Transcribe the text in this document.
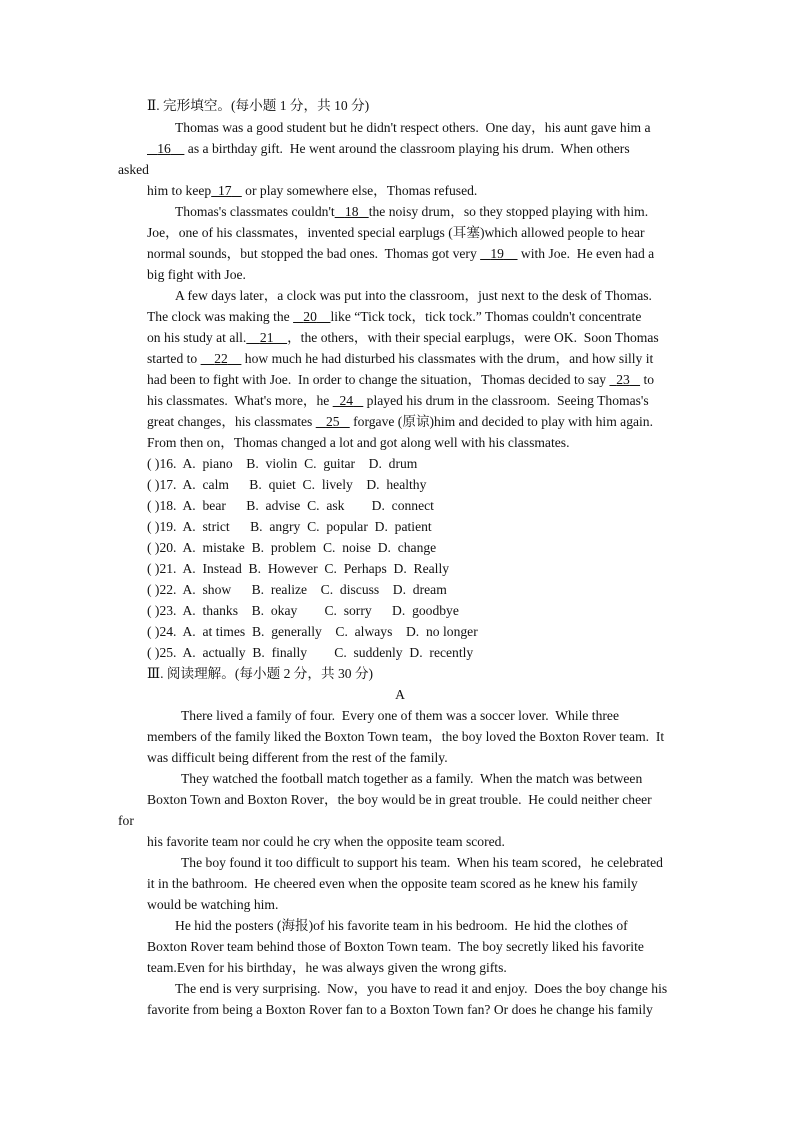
Ⅱ. 完形填空。(每小题 1 分，共 10 分)
Thomas was a good student but he didn't respect others.  One day，his aunt gave him a
16     as a birthday gift.  He went around the classroom playing his drum.  When others
asked
him to keep 17    or play somewhere else，Thomas refused.
Thomas's classmates couldn't 18 the noisy drum，so they stopped playing with him.
Joe，one of his classmates，invented special earplugs (耳塞)which allowed people to hear
normal sounds，but stopped the bad ones.  Thomas got very    19     with Joe.  He even had a
big fight with Joe.
A few days later，a clock was put into the classroom，just next to the desk of Thomas.
The clock was making the    20 like “Tick tock，tick tock.” Thomas couldn't concentrate
on his study at all. 21 ，the others，with their special earplugs，were OK.  Soon Thomas
started to     22     how much he had disturbed his classmates with the drum，and how silly it
had been to fight with Joe.  In order to change the situation，Thomas decided to say   23    to
his classmates.  What's more，he   24    played his drum in the classroom.  Seeing Thomas's
great changes，his classmates    25    forgave (原谅)him and decided to play with him again.
From then on，Thomas changed a lot and got along well with his classmates.
( )16.  A.  piano    B.  violin  C.  guitar    D.  drum
( )17.  A.  calm      B.  quiet  C.  lively    D.  healthy
( )18.  A.  bear      B.  advise  C.  ask        D.  connect
( )19.  A.  strict      B.  angry  C.  popular  D.  patient
( )20.  A.  mistake  B.  problem  C.  noise  D.  change
( )21.  A.  Instead  B.  However  C.  Perhaps  D.  Really
( )22.  A.  show      B.  realize    C.  discuss    D.  dream
( )23.  A.  thanks    B.  okay        C.  sorry      D.  goodbye
( )24.  A.  at times  B.  generally    C.  always    D.  no longer
( )25.  A.  actually  B.  finally        C.  suddenly  D.  recently
Ⅲ. 阅读理解。(每小题 2 分，共 30 分)
A
There lived a family of four.  Every one of them was a soccer lover.  While three
members of the family liked the Boxton Town team，the boy loved the Boxton Rover team.  It
was difficult being different from the rest of the family.
They watched the football match together as a family.  When the match was between
Boxton Town and Boxton Rover，the boy would be in great trouble.  He could neither cheer
for
his favorite team nor could he cry when the opposite team scored.
The boy found it too difficult to support his team.  When his team scored，he celebrated
it in the bathroom.  He cheered even when the opposite team scored as he knew his family
would be watching him.
He hid the posters (海报)of his favorite team in his bedroom.  He hid the clothes of
Boxton Rover team behind those of Boxton Town team.  The boy secretly liked his favorite
team.Even for his birthday，he was always given the wrong gifts.
The end is very surprising.  Now，you have to read it and enjoy.  Does the boy change his
favorite from being a Boxton Rover fan to a Boxton Town fan? Or does he change his family
